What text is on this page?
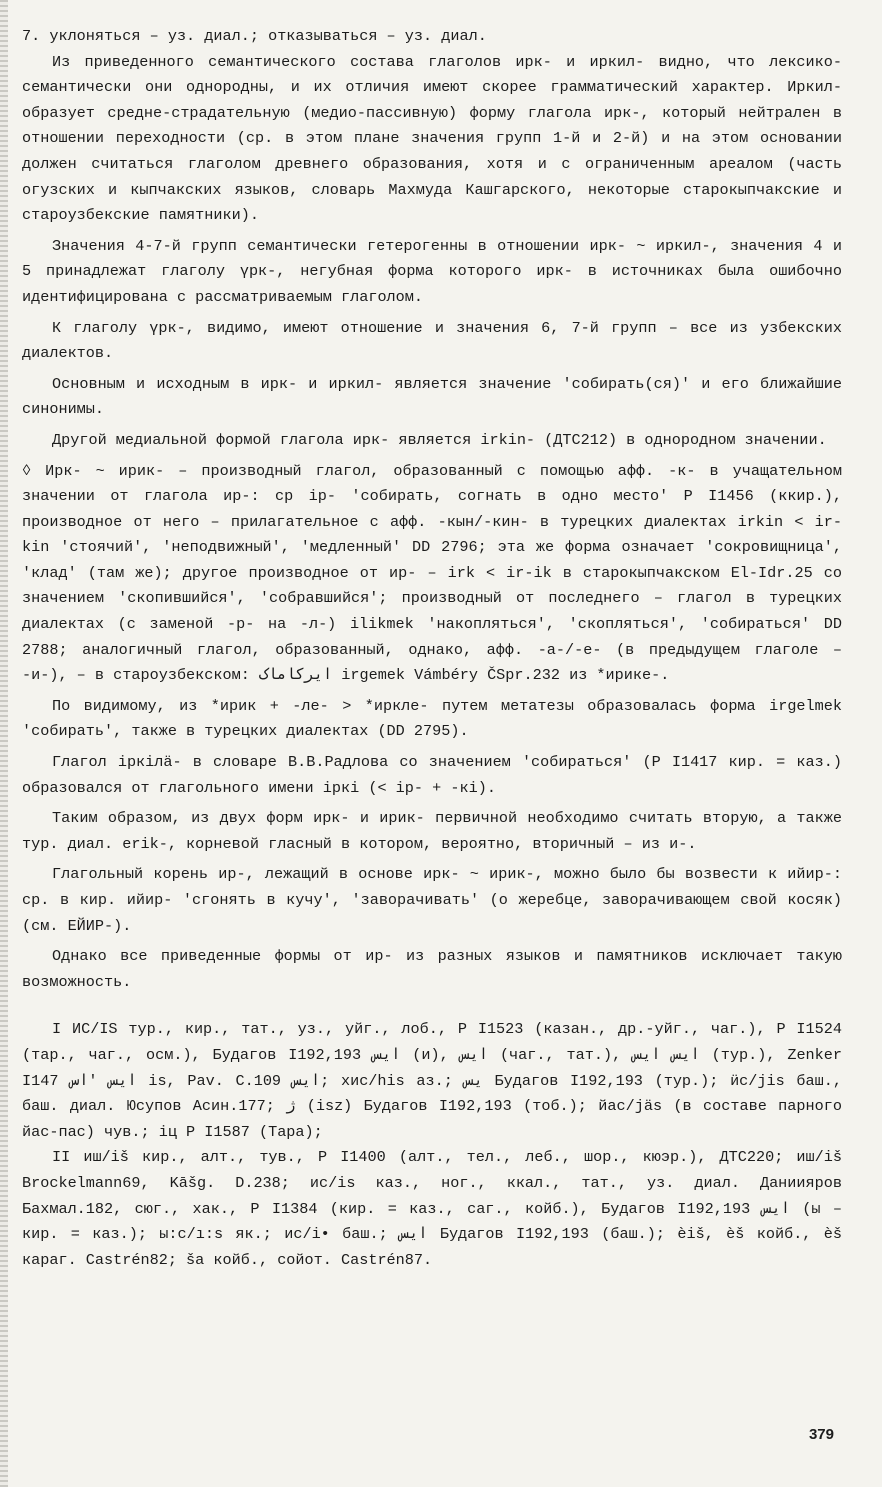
7. уклоняться – уз. диал.; отказываться – уз. диал.

Из приведенного семантического состава глаголов ирк- и иркил- видно, что лексико-семантически они однородны, и их отличия имеют скорее грамматический характер. Иркил- образует средне-страдательную (медио-пассивную) форму глагола ирк-, который нейтрален в отношении переходности (ср. в этом плане значения групп 1-й и 2-й) и на этом основании должен считаться глаголом древнего образования, хотя и с ограниченным ареалом (часть огузских и кыпчакских языков, словарь Махмуда Кашгарского, некоторые старокыпчакские и староузбекские памятники).

Значения 4-7-й групп семантически гетерогенны в отношении ирк- ~ иркил-, значения 4 и 5 принадлежат глаголу үрк-, негубная форма которого ирк- в источниках была ошибочно идентифицирована с рассматриваемым глаголом.

К глаголу үрк-, видимо, имеют отношение и значения 6, 7-й групп – все из узбекских диалектов.

Основным и исходным в ирк- и иркил- является значение 'собирать(ся)' и его ближайшие синонимы.

Другой медиальной формой глагола ирк- является irkin- (ДТС212) в однородном значении.

◊ Ирк- ~ ирик- – производный глагол, образованный с помощью афф. -к- в учащательном значении от глагола ир-: ср ір- 'собирать, согнать в одно место' Р I1456 (ккир.), производное от него – прилагательное с афф. -кын/-кин- в турецких диалектах irkin < ir-kin 'стоячий', 'неподвижный', 'медленный' DD 2796; эта же форма означает 'сокровищница', 'клад' (там же); другое производное от ир- – irk < ir-ik в старокыпчакском El-Idr.25 со значением 'скопившийся', 'собравшийся'; производный от последнего – глагол в турецких диалектах (с заменой -р- на -л-) ilikmek 'накопляться', 'скопляться', 'собираться' DD 2788; аналогичный глагол, образованный, однако, афф. -а-/-е- (в предыдущем глаголе – -и-), – в староузбекском: ایرکاماک irgemek Vámbéry ČSpr.232 из *ирике-.

По видимому, из *ирик + -ле- > *иркле- путем метатезы образовалась форма irgelmek 'собирать', также в турецких диалектах (DD 2795).

Глагол іркілä- в словаре В.В.Радлова со значением 'собираться' (Р I1417 кир. = каз.) образовался от глагольного имени іркі (< ір- + -кі).

Таким образом, из двух форм ирк- и ирик- первичной необходимо считать вторую, а также тур. диал. erik-, корневой гласный в котором, вероятно, вторичный – из и-.

Глагольный корень ир-, лежащий в основе ирк- ~ ирик-, можно было бы возвести к ийир-: ср. в кир. ийир- 'сгонять в кучу', 'заворачивать' (о жеребце, заворачивающем свой косяк) (см. ЕЙИР-).

Однако все приведенные формы от ир- из разных языков и памятников исключает такую возможность.

I ИС/IS тур., кир., тат., уз., уйг., лоб., Р I1523 (казан., др.-уйг., чаг.), Р I1524 (тар., чаг., осм.), Будагов I192,193 ایس (и), ایس (чаг., тат.), ایس ایس (тур.), Zenker I147 ایس 'اس is, Pav. C.109 ایس; хис/his аз.; یس Будагов I192,193 (тур.); ӥс/jis баш., баш. диал. Юсупов Асин.177; ژ (isz) Будагов I192,193 (тоб.); йас/jäs (в составе парного йас-пас) чув.; іц Р I1587 (Тара);

II иш/iš кир., алт., тув., Р I1400 (алт., тел., леб., шор., кюэр.), ДТС220; иш/iš Brockelmann69, Kāšg. D.238; ис/is каз., ног., ккал., тат., уз. диал. Даниияров Бахмал.182, сюг., хак., Р I1384 (кир. = каз., саг., койб.), Будагов I192,193 ایس (ы – кир. = каз.); ы:с/ı:s як.; ис/i• баш.; ایس Будагов I192,193 (баш.); èiš, èš койб., èš караг. Castrén82; ša койб., сойот. Castrén87.

379
